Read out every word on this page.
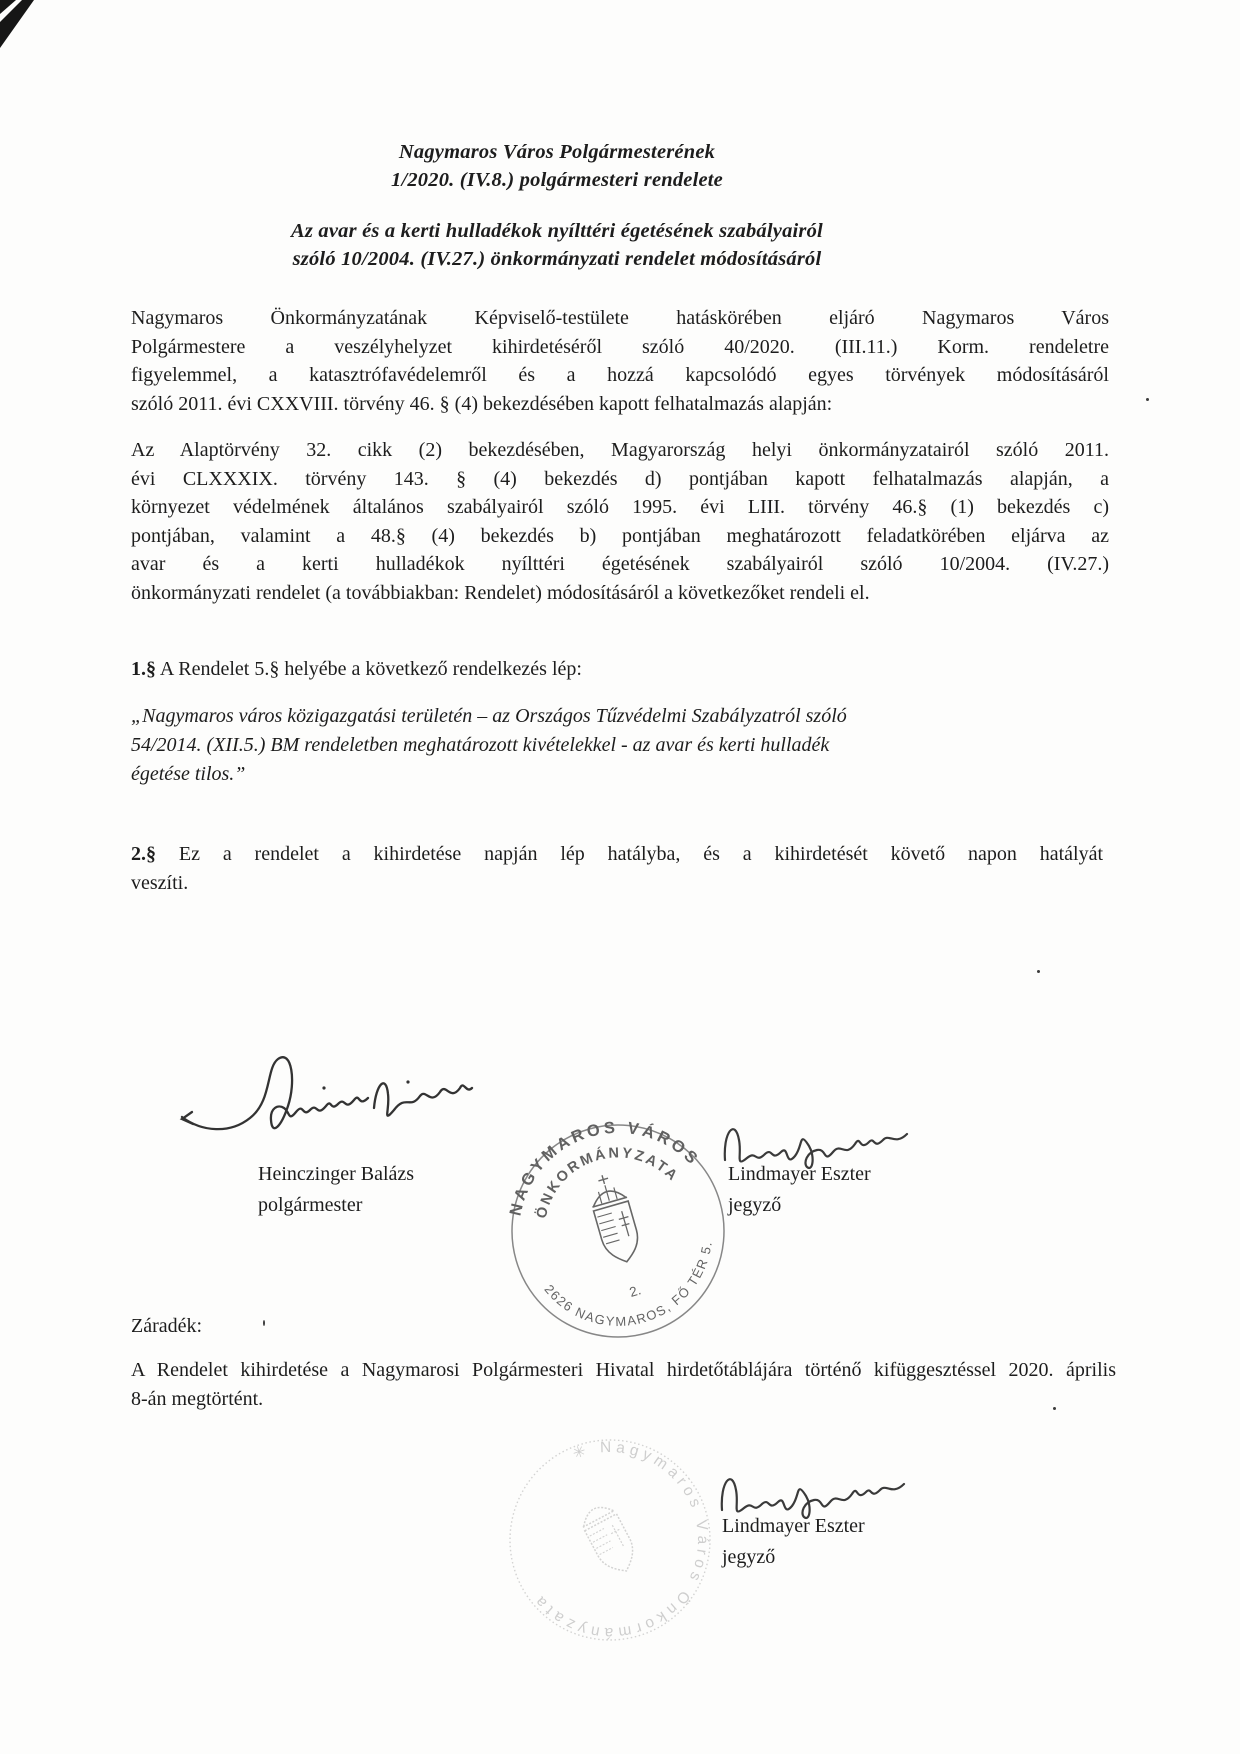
Nagymaros Város Polgármesterének
1/2020. (IV.8.) polgármesteri rendelete
Az avar és a kerti hulladékok nyílttéri égetésének szabályairól
szóló 10/2004. (IV.27.) önkormányzati rendelet módosításáról
Nagymaros Önkormányzatának Képviselő-testülete hatáskörében eljáró Nagymaros Város
Polgármestere a veszélyhelyzet kihirdetéséről szóló 40/2020. (III.11.) Korm. rendeletre
figyelemmel, a katasztrófavédelemről és a hozzá kapcsolódó egyes törvények módosításáról
szóló 2011. évi CXXVIII. törvény 46. § (4) bekezdésében kapott felhatalmazás alapján:
Az Alaptörvény 32. cikk (2) bekezdésében, Magyarország helyi önkormányzatairól szóló 2011.
évi CLXXXIX. törvény 143. § (4) bekezdés d) pontjában kapott felhatalmazás alapján, a
környezet védelmének általános szabályairól szóló 1995. évi LIII. törvény 46.§ (1) bekezdés c)
pontjában, valamint a 48.§ (4) bekezdés b) pontjában meghatározott feladatkörében eljárva az
avar és a kerti hulladékok nyílttéri égetésének szabályairól szóló 10/2004. (IV.27.)
önkormányzati rendelet (a továbbiakban: Rendelet) módosításáról a következőket rendeli el.
1.§ A Rendelet 5.§ helyébe a következő rendelkezés lép:
„Nagymaros város közigazgatási területén – az Országos Tűzvédelmi Szabályzatról szóló
54/2014. (XII.5.) BM rendeletben meghatározott kivételekkel - az avar és kerti hulladék
égetése tilos.”
2.§ Ez a rendelet a kihirdetése napján lép hatályba, és a kihirdetését követő napon hatályát
veszíti.
Heinczinger Balázs
polgármester
Lindmayer Eszter
jegyző
NAGYMAROS VÁROS
ÖNKORMÁNYZATA
2626 NAGYMAROS, FŐ TÉR 5.
2.
Záradék:
A Rendelet kihirdetése a Nagymarosi Polgármesteri Hivatal hirdetőtáblájára történő kifüggesztéssel 2020. április
8-án megtörtént.
✳ Nagymaros Város Önkormányzata
Lindmayer Eszter
jegyző
